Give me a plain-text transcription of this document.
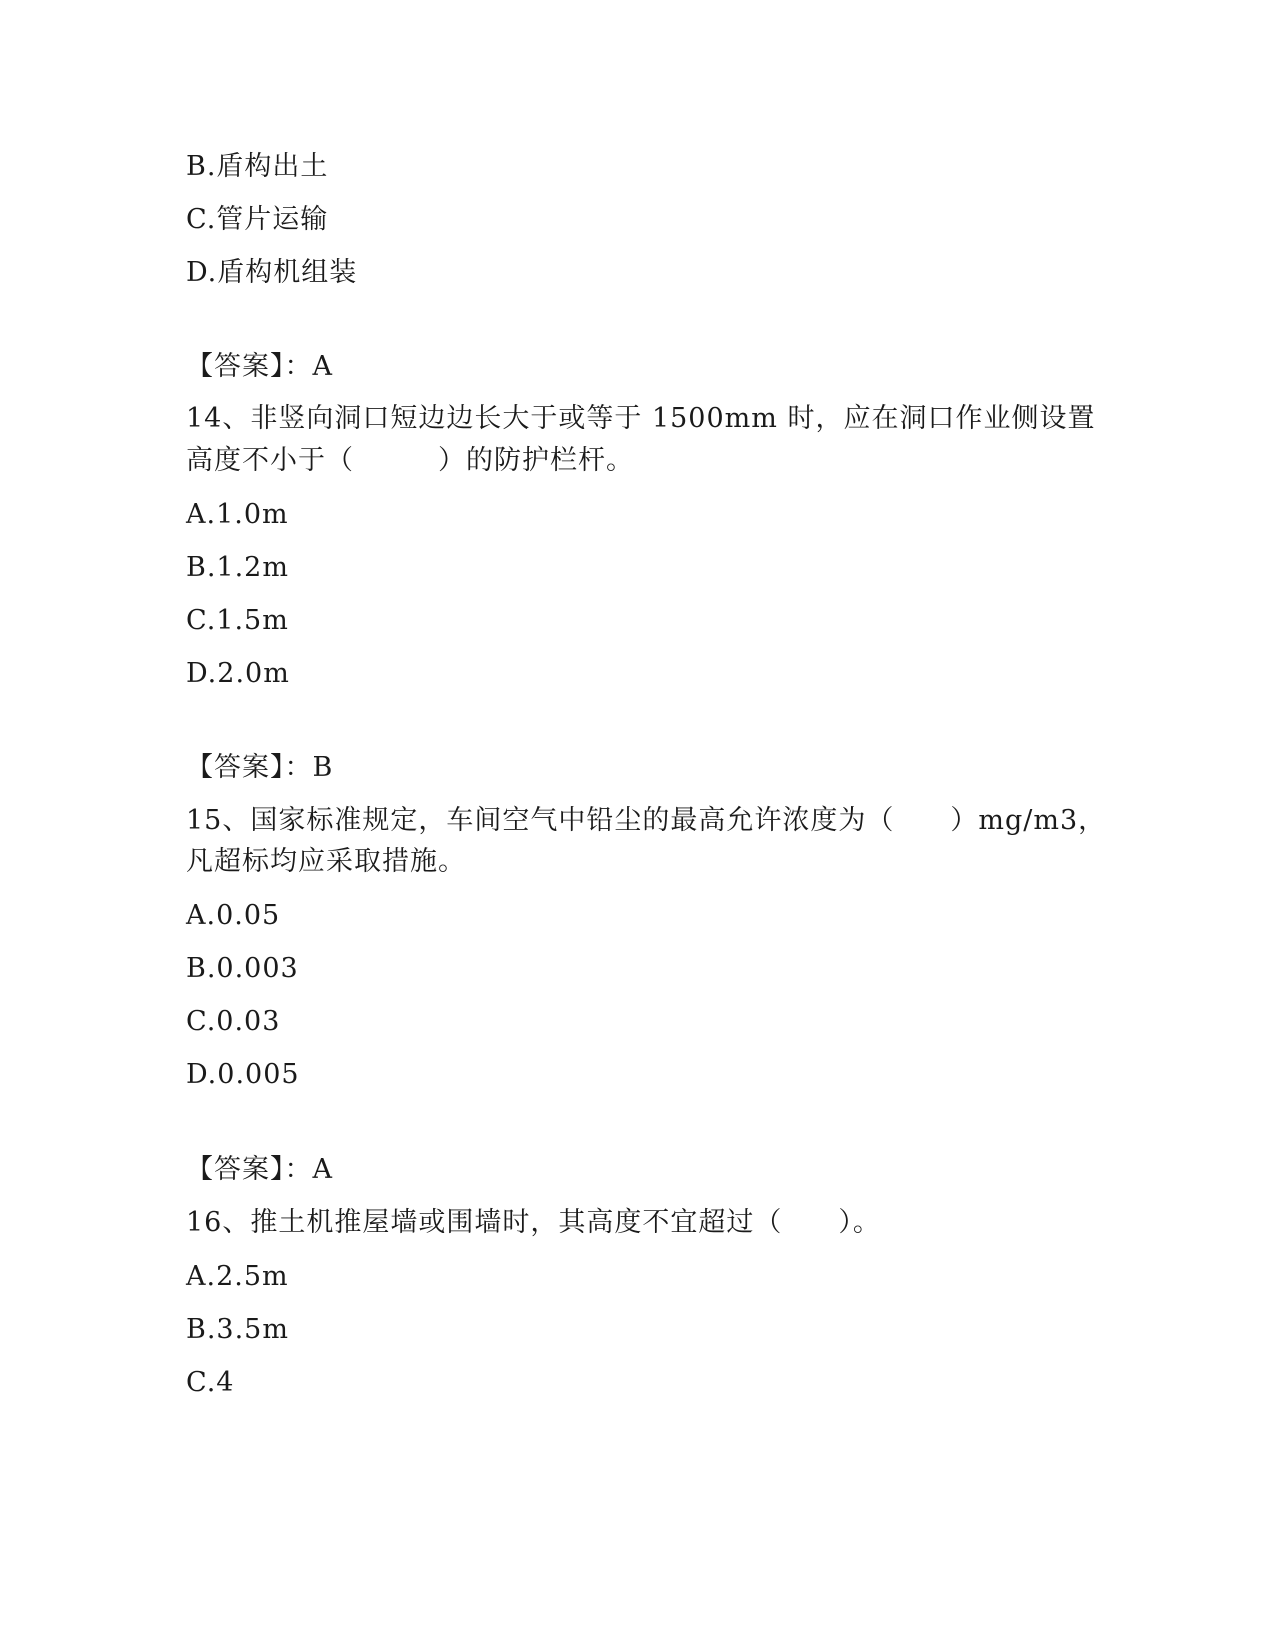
B.盾构出土
C.管片运输
D.盾构机组装
【答案】：A
14、非竖向洞口短边边长大于或等于 1500mm 时，应在洞口作业侧设置
高度不小于（　　　）的防护栏杆。
A.1.0m
B.1.2m
C.1.5m
D.2.0m
【答案】：B
15、国家标准规定，车间空气中铅尘的最高允许浓度为（　　）mg/m3，
凡超标均应采取措施。
A.0.05
B.0.003
C.0.03
D.0.005
【答案】：A
16、推土机推屋墙或围墙时，其高度不宜超过（　　）。
A.2.5m
B.3.5m
C.4
